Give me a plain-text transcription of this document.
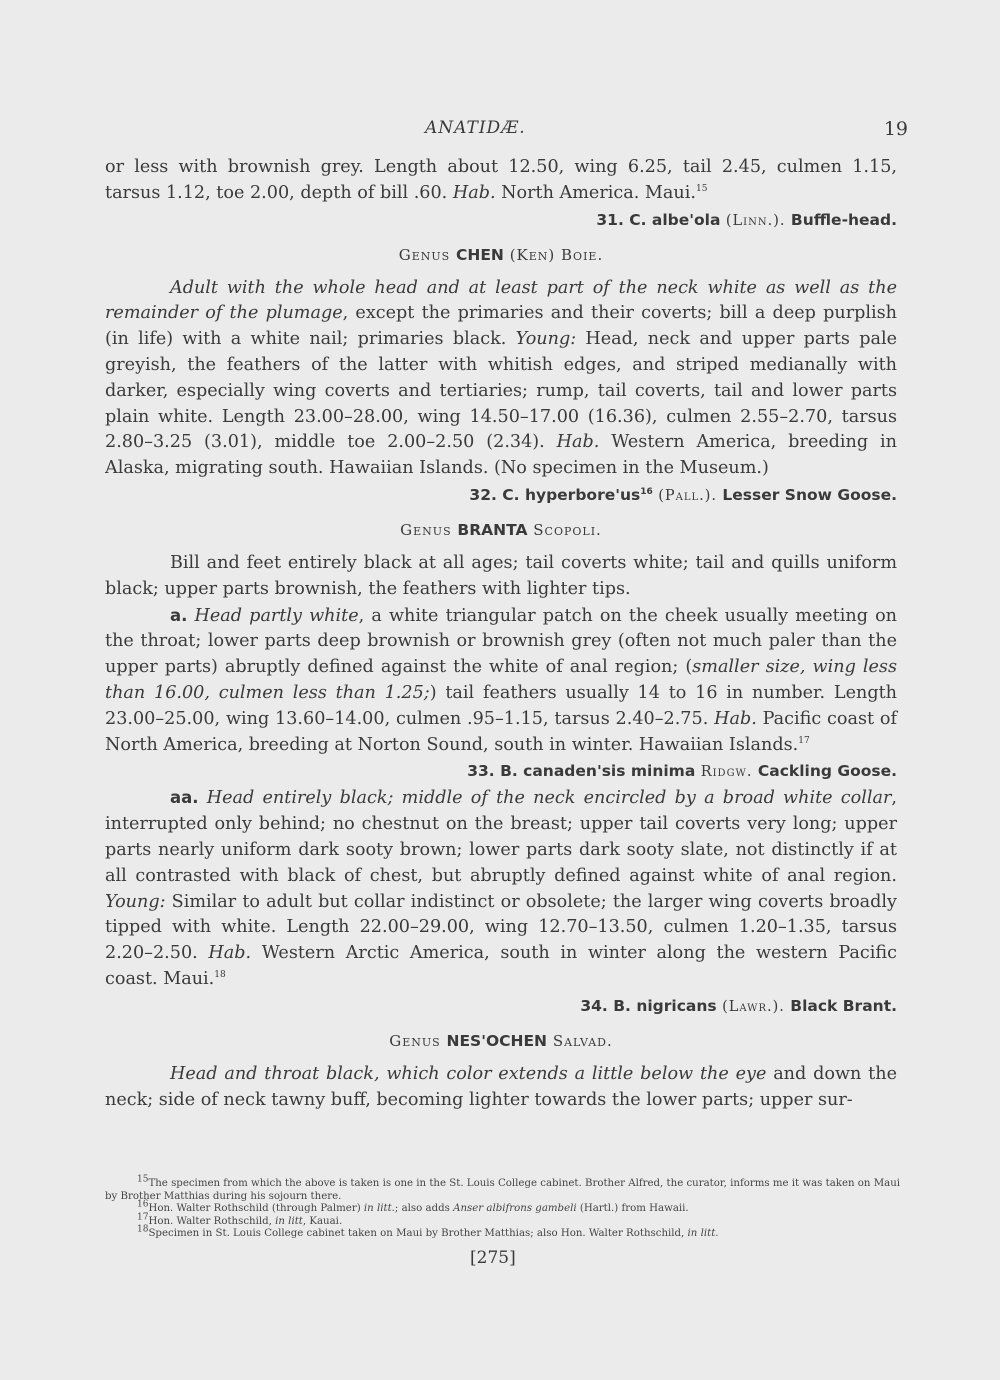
ANATIDÆ.	19

or less with brownish grey. Length about 12.50, wing 6.25, tail 2.45, culmen 1.15, tarsus 1.12, toe 2.00, depth of bill .60. Hab. North America. Maui.$^{15}$

31. C. albe'ola (Linn.). Buffle-head.
Genus CHEN (Ken) Boie.

Adult with the whole head and at least part of the neck white as well as the remainder of the plumage, except the primaries and their coverts; bill a deep purplish (in life) with a white nail; primaries black. Young: Head, neck and upper parts pale greyish, the feathers of the latter with whitish edges, and striped medianally with darker, especially wing coverts and tertiaries; rump, tail coverts, tail and lower parts plain white. Length 23.00–28.00, wing 14.50–17.00 (16.36), culmen 2.55–2.70, tarsus 2.80–3.25 (3.01), middle toe 2.00–2.50 (2.34). Hab. Western America, breeding in Alaska, migrating south. Hawaiian Islands. (No specimen in the Museum.)

32. C. $hyperbore'us^{16}$ (Pall.). Lesser Snow Goose.
Genus BRANTA Scopoli.

Bill and feet entirely black at all ages; tail coverts white; tail and quills uniform black; upper parts brownish, the feathers with lighter tips.

a. Head partly white, a white triangular patch on the cheek usually meeting on the throat; lower parts deep brownish or brownish grey (often not much paler than the upper parts) abruptly defined against the white of anal region; (smaller size, wing less than 16.00, culmen less than 1.25;) tail feathers usually 14 to 16 in number. Length 23.00–25.00, wing 13.60–14.00, culmen .95–1.15, tarsus 2.40–2.75. Hab. Pacific coast of North America, breeding at Norton Sound, south in winter. Hawaiian Islands.$^{17}$

33. B. canaden'sis minima Ridgw. Cackling Goose.

aa. Head entirely black; middle of the neck encircled by a broad white collar, interrupted only behind; no chestnut on the breast; upper tail coverts very long; upper parts nearly uniform dark sooty brown; lower parts dark sooty slate, not distinctly if at all contrasted with black of chest, but abruptly defined against white of anal region. Young: Similar to adult but collar indistinct or obsolete; the larger wing coverts broadly tipped with white. Length 22.00–29.00, wing 12.70–13.50, culmen 1.20–1.35, tarsus 2.20–2.50. Hab. Western Arctic America, south in winter along the western Pacific coast. Maui.$^{18}$

34. B. nigricans (Lawr.). Black Brant.
Genus NES'OCHEN Salvad.

Head and throat black, which color extends a little below the eye and down the neck; side of neck tawny buff, becoming lighter towards the lower parts; upper sur-

$^{15}$The specimen from which the above is taken is one in the St. Louis College cabinet. Brother Alfred, the curator, informs me it was taken on Maui by Brother Matthias during his sojourn there.

$^{16}$Hon. Walter Rothschild (through Palmer) in litt.; also adds Anser albifrons gambeli (Hartl.) from Hawaii.

$^{17}$Hon. Walter Rothschild, in litt, Kauai.

$^{18}$Specimen in St. Louis College cabinet taken on Maui by Brother Matthias; also Hon. Walter Rothschild, in litt.

[275]
